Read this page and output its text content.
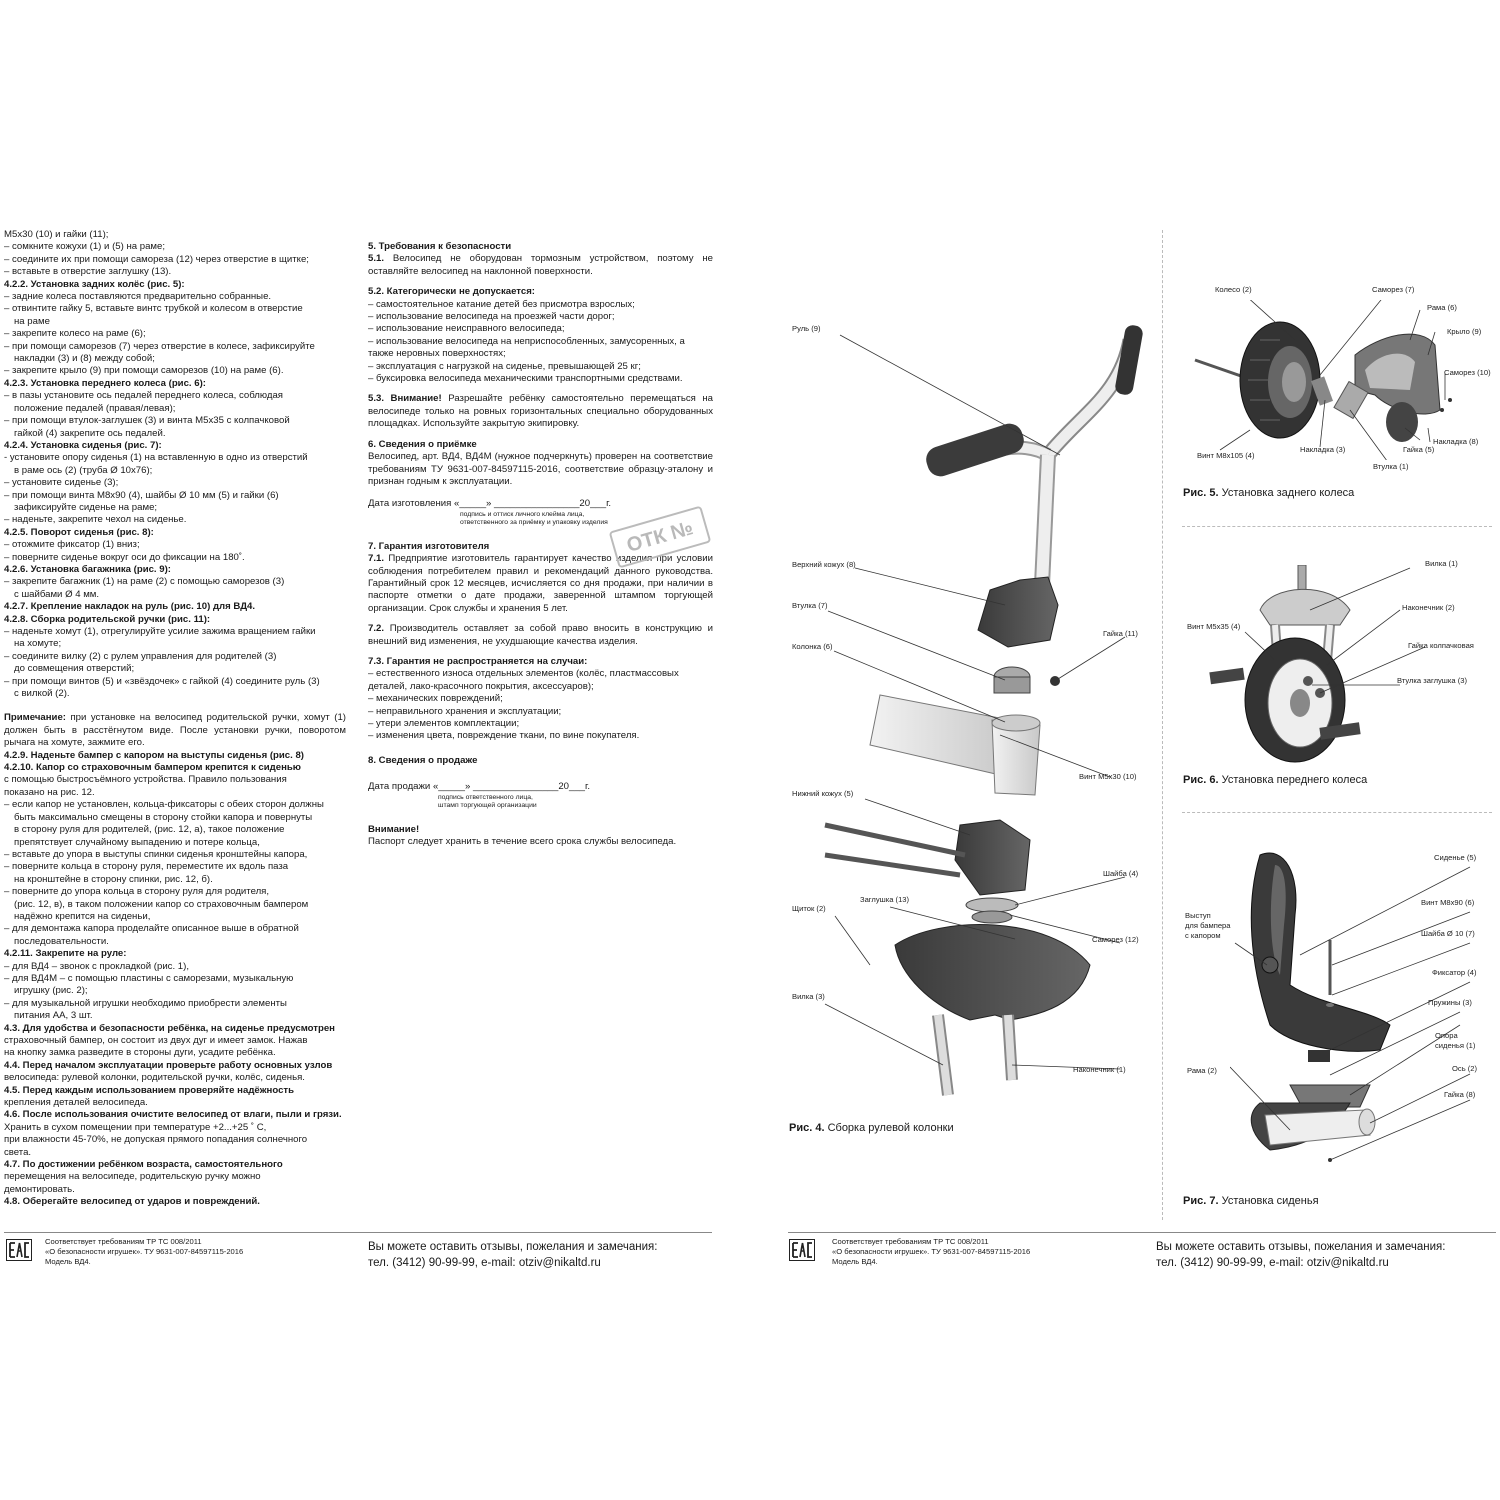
М5х30 (10) и гайки (11);
– сомкните кожухи (1) и (5) на раме;
– соедините их при помощи самореза (12) через отверстие в щитке;
– вставьте в отверстие заглушку (13).
4.2.2. Установка задних колёс (рис. 5):
– задние колеса поставляются предварительно собранные.
– отвинтите гайку 5, вставьте винтс трубкой и колесом в отверстие
на раме
– закрепите колесо на раме (6);
– при помощи саморезов (7) через отверстие в колесе, зафиксируйте
накладки (3) и (8) между собой;
– закрепите крыло (9) при помощи саморезов (10) на раме (6).
4.2.3. Установка переднего колеса (рис. 6):
– в пазы установите ось педалей переднего колеса, соблюдая
положение педалей (правая/левая);
– при помощи втулок-заглушек (3) и винта М5х35 с колпачковой
гайкой (4) закрепите ось педалей.
4.2.4. Установка сиденья (рис. 7):
- установите опору сиденья (1) на вставленную в одно из отверстий
в раме ось (2) (труба Ø 10х76);
– установите сиденье (3);
– при помощи винта М8х90 (4), шайбы Ø 10 мм (5) и гайки (6)
зафиксируйте сиденье на раме;
– наденьте, закрепите чехол на сиденье.
4.2.5. Поворот сиденья (рис. 8):
– отожмите фиксатор (1) вниз;
– поверните сиденье вокруг оси до фиксации на 180˚.
4.2.6. Установка багажника (рис. 9):
– закрепите багажник (1) на раме (2) с помощью саморезов (3)
с шайбами Ø 4 мм.
4.2.7. Крепление накладок на руль (рис. 10) для ВД4.
4.2.8. Сборка родительской ручки (рис. 11):
– наденьте хомут (1), отрегулируйте усилие зажима вращением гайки
на хомуте;
– соедините вилку (2) с рулем управления для родителей (3)
до совмещения отверстий;
– при помощи винтов (5) и «звёздочек» с гайкой (4) соедините руль (3)
с вилкой (2).
Примечание: при установке на велосипед родительской ручки, хомут (1) должен быть в расстёгнутом виде. После установки ручки, поворотом рычага на хомуте, зажмите его.
4.2.9. Наденьте бампер с капором на выступы сиденья (рис. 8)
4.2.10. Капор со страховочным бампером крепится к сиденью
с помощью быстросъёмного устройства. Правило пользования
показано на рис. 12.
– если капор не установлен, кольца-фиксаторы с обеих сторон должны
быть максимально смещены в сторону стойки капора и повернуты
в сторону руля для родителей, (рис. 12, а), такое положение
препятствует случайному выпадению и потере кольца,
– вставьте до упора в выступы спинки сиденья кронштейны капора,
– поверните кольца в сторону руля, переместите их вдоль паза
на кронштейне в сторону спинки, рис. 12, б).
– поверните до упора кольца в сторону руля для родителя,
(рис. 12, в), в таком положении капор со страховочным бампером
надёжно крепится на сиденьи,
– для демонтажа капора проделайте описанное выше в обратной
последовательности.
4.2.11. Закрепите на руле:
– для ВД4 – звонок с прокладкой (рис. 1),
– для ВД4М – с помощью пластины с саморезами, музыкальную
игрушку (рис. 2);
– для музыкальной игрушки необходимо приобрести элементы
питания АА, 3 шт.
4.3. Для удобства и безопасности ребёнка, на сиденье предусмотрен
страховочный бампер, он состоит из двух дуг и имеет замок. Нажав
на кнопку замка разведите в стороны дуги, усадите ребёнка.
4.4. Перед началом эксплуатации проверьте работу основных узлов
велосипеда: рулевой колонки, родительской ручки, колёс, сиденья.
4.5. Перед каждым использованием проверяйте надёжность
крепления деталей велосипеда.
4.6. После использования очистите велосипед от влаги, пыли и грязи.
Хранить в сухом помещении при температуре +2...+25 ˚ С,
при влажности 45-70%, не допуская прямого попадания солнечного
света.
4.7. По достижении ребёнком возраста, самостоятельного
перемещения на велосипеде, родительскую ручку можно
демонтировать.
4.8. Оберегайте велосипед от ударов и повреждений.

5. Требования к безопасности

5.1. Велосипед не оборудован тормозным устройством, поэтому не оставляйте велосипед на наклонной поверхности.

5.2. Категорически не допускается:

– самостоятельное катание детей без присмотра взрослых;
– использование велосипеда на проезжей части дорог;
– использование неисправного велосипеда;
– использование велосипеда на неприспособленных, замусоренных, а также неровных поверхностях;
– эксплуатация с нагрузкой на сиденье, превышающей 25 кг;
– буксировка велосипеда механическими транспортными средствами.

5.3. Внимание! Разрешайте ребёнку самостоятельно перемещаться на велосипеде только на ровных горизонтальных специально оборудованных площадках. Используйте закрытую экипировку.

6. Сведения о приёмке

Велосипед, арт. ВД4, ВД4М (нужное подчеркнуть) проверен на соответствие требованиям ТУ 9631-007-84597115-2016, соответствие образцу-эталону и признан годным к эксплуатации.

Дата изготовления «_____» ________________20___г.

подпись и оттиск личного клейма лица,
ответственного за приёмку и упаковку изделия

7. Гарантия изготовителя

7.1. Предприятие изготовитель гарантирует качество изделия при условии соблюдения потребителем правил и рекомендаций данного руководства. Гарантийный срок 12 месяцев, исчисляется со дня продажи, при наличии в паспорте отметки о дате продажи, заверенной штампом торгующей организации. Срок службы и хранения 5 лет.

7.2. Производитель оставляет за собой право вносить в конструкцию и внешний вид изменения, не ухудшающие качества изделия.

7.3. Гарантия не распространяется на случаи:

– естественного износа отдельных элементов (колёс, пластмассовых деталей, лако-красочного покрытия, аксессуаров);
– механических повреждений;
– неправильного хранения и эксплуатации;
– утери элементов комплектации;
– изменения цвета, повреждение ткани, по вине покупателя.

8. Сведения о продаже

Дата продажи «_____» ________________20___г.

подпись ответственного лица,
штамп торгующей организации

Внимание!

Паспорт следует хранить в течение всего срока службы велосипеда.

ОТК №
Руль (9)
Верхний кожух (8)
Втулка (7)
Колонка (6)
Гайка (11)
Винт М5х30 (10)
Нижний кожух (5)
Шайба (4)
Щиток (2)
Заглушка (13)
Саморез (12)
Вилка (3)
Наконечник (1)
Рис. 4. Сборка рулевой колонки
Колесо (2)	Саморез (7)
Рама (6)
Крыло (9)
Саморез (10)
Винт М8х105 (4)
Накладка (3)	Гайка (5)
Накладка (8)
Втулка (1)
Рис. 5. Установка заднего колеса
Вилка (1)
Наконечник (2)
Винт М5х35 (4)
Гайка колпачковая
Втулка заглушка (3)
Рис. 6. Установка переднего колеса
Сиденье (5)
Выступ
для бампера
с капором
Винт М8х90 (6)
Шайба Ø 10 (7)
Фиксатор (4)
Пружины (3)
Опора
сиденья (1)
Рама (2)	Ось (2)
Гайка (8)
Рис. 7. Установка сиденья
Соответствует требованиям ТР ТС 008/2011
«О безопасности игрушек». ТУ 9631-007-84597115-2016
Модель ВД4.
Вы можете оставить отзывы, пожелания и замечания:
тел. (3412) 90-99-99, e-mail: otziv@nikaltd.ru
Соответствует требованиям ТР ТС 008/2011
«О безопасности игрушек». ТУ 9631-007-84597115-2016
Модель ВД4.
Вы можете оставить отзывы, пожелания и замечания:
тел. (3412) 90-99-99, e-mail: otziv@nikaltd.ru
